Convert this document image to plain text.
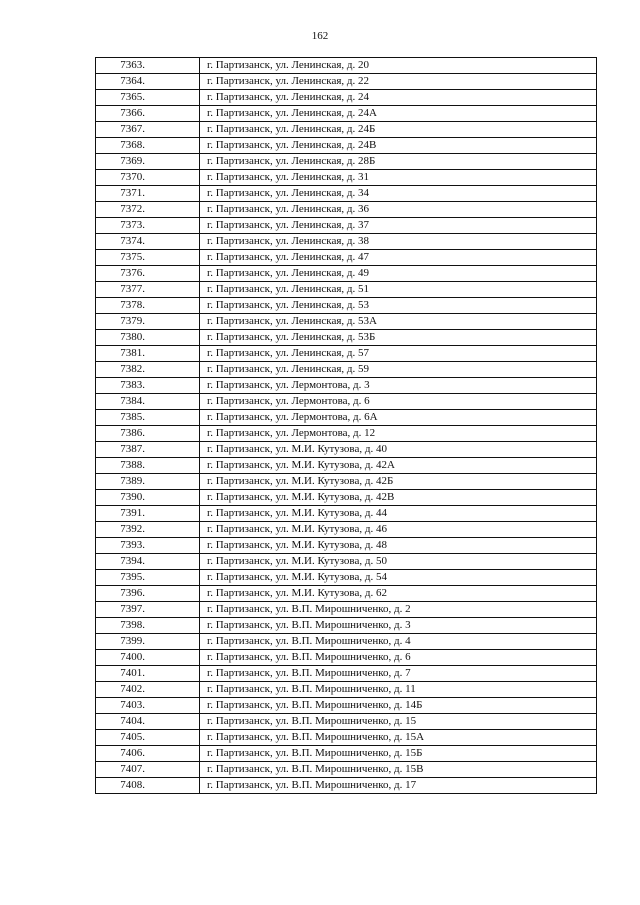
162
7363.	г. Партизанск, ул. Ленинская, д. 20
7364.	г. Партизанск, ул. Ленинская, д. 22
7365.	г. Партизанск, ул. Ленинская, д. 24
7366.	г. Партизанск, ул. Ленинская, д. 24А
7367.	г. Партизанск, ул. Ленинская, д. 24Б
7368.	г. Партизанск, ул. Ленинская, д. 24В
7369.	г. Партизанск, ул. Ленинская, д. 28Б
7370.	г. Партизанск, ул. Ленинская, д. 31
7371.	г. Партизанск, ул. Ленинская, д. 34
7372.	г. Партизанск, ул. Ленинская, д. 36
7373.	г. Партизанск, ул. Ленинская, д. 37
7374.	г. Партизанск, ул. Ленинская, д. 38
7375.	г. Партизанск, ул. Ленинская, д. 47
7376.	г. Партизанск, ул. Ленинская, д. 49
7377.	г. Партизанск, ул. Ленинская, д. 51
7378.	г. Партизанск, ул. Ленинская, д. 53
7379.	г. Партизанск, ул. Ленинская, д. 53А
7380.	г. Партизанск, ул. Ленинская, д. 53Б
7381.	г. Партизанск, ул. Ленинская, д. 57
7382.	г. Партизанск, ул. Ленинская, д. 59
7383.	г. Партизанск, ул. Лермонтова, д. 3
7384.	г. Партизанск, ул. Лермонтова, д. 6
7385.	г. Партизанск, ул. Лермонтова, д. 6А
7386.	г. Партизанск, ул. Лермонтова, д. 12
7387.	г. Партизанск, ул. М.И. Кутузова, д. 40
7388.	г. Партизанск, ул. М.И. Кутузова, д. 42А
7389.	г. Партизанск, ул. М.И. Кутузова, д. 42Б
7390.	г. Партизанск, ул. М.И. Кутузова, д. 42В
7391.	г. Партизанск, ул. М.И. Кутузова, д. 44
7392.	г. Партизанск, ул. М.И. Кутузова, д. 46
7393.	г. Партизанск, ул. М.И. Кутузова, д. 48
7394.	г. Партизанск, ул. М.И. Кутузова, д. 50
7395.	г. Партизанск, ул. М.И. Кутузова, д. 54
7396.	г. Партизанск, ул. М.И. Кутузова, д. 62
7397.	г. Партизанск, ул. В.П. Мирошниченко, д. 2
7398.	г. Партизанск, ул. В.П. Мирошниченко, д. 3
7399.	г. Партизанск, ул. В.П. Мирошниченко, д. 4
7400.	г. Партизанск, ул. В.П. Мирошниченко, д. 6
7401.	г. Партизанск, ул. В.П. Мирошниченко, д. 7
7402.	г. Партизанск, ул. В.П. Мирошниченко, д. 11
7403.	г. Партизанск, ул. В.П. Мирошниченко, д. 14Б
7404.	г. Партизанск, ул. В.П. Мирошниченко, д. 15
7405.	г. Партизанск, ул. В.П. Мирошниченко, д. 15А
7406.	г. Партизанск, ул. В.П. Мирошниченко, д. 15Б
7407.	г. Партизанск, ул. В.П. Мирошниченко, д. 15В
7408.	г. Партизанск, ул. В.П. Мирошниченко, д. 17
